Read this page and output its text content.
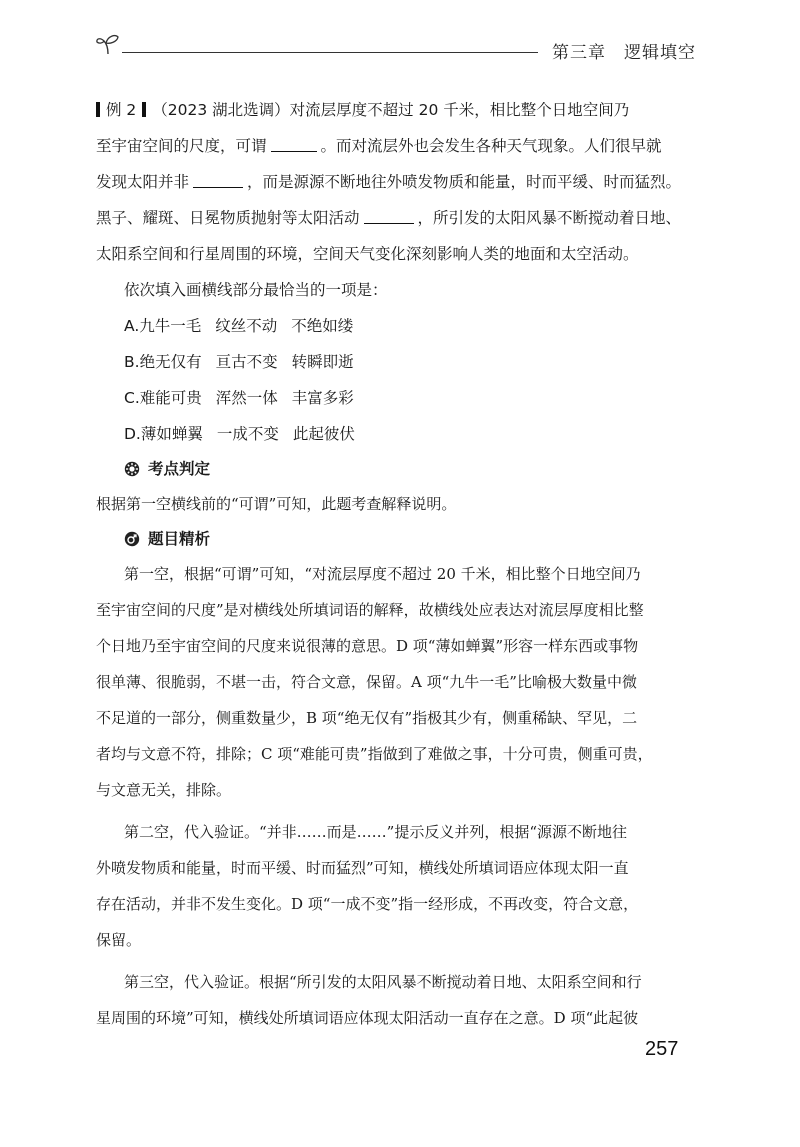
第三章 逻辑填空
例 2 （2023 湖北选调）对流层厚度不超过 20 千米，相比整个日地空间乃
至宇宙空间的尺度，可谓	。而对流层外也会发生各种天气现象。人们很早就
发现太阳并非	，而是源源不断地往外喷发物质和能量，时而平缓、时而猛烈。
黑子、耀斑、日冕物质抛射等太阳活动	，所引发的太阳风暴不断搅动着日地、
太阳系空间和行星周围的环境，空间天气变化深刻影响人类的地面和太空活动。
依次填入画横线部分最恰当的一项是：
A.九牛一毛 纹丝不动 不绝如缕
B.绝无仅有 亘古不变 转瞬即逝
C.难能可贵 浑然一体 丰富多彩
D.薄如蝉翼 一成不变 此起彼伏
考点判定
根据第一空横线前的“可谓”可知，此题考查解释说明。
题目精析
第一空，根据“可谓”可知，“对流层厚度不超过 20 千米，相比整个日地空间乃
至宇宙空间的尺度”是对横线处所填词语的解释，故横线处应表达对流层厚度相比整
个日地乃至宇宙空间的尺度来说很薄的意思。D 项“薄如蝉翼”形容一样东西或事物
很单薄、很脆弱，不堪一击，符合文意，保留。A 项“九牛一毛”比喻极大数量中微
不足道的一部分，侧重数量少，B 项“绝无仅有”指极其少有，侧重稀缺、罕见，二
者均与文意不符，排除；C 项“难能可贵”指做到了难做之事，十分可贵，侧重可贵，
与文意无关，排除。
第二空，代入验证。“并非……而是……”提示反义并列，根据“源源不断地往
外喷发物质和能量，时而平缓、时而猛烈”可知，横线处所填词语应体现太阳一直
存在活动，并非不发生变化。D 项“一成不变”指一经形成，不再改变，符合文意，
保留。
第三空，代入验证。根据“所引发的太阳风暴不断搅动着日地、太阳系空间和行
星周围的环境”可知，横线处所填词语应体现太阳活动一直存在之意。D 项“此起彼
257
